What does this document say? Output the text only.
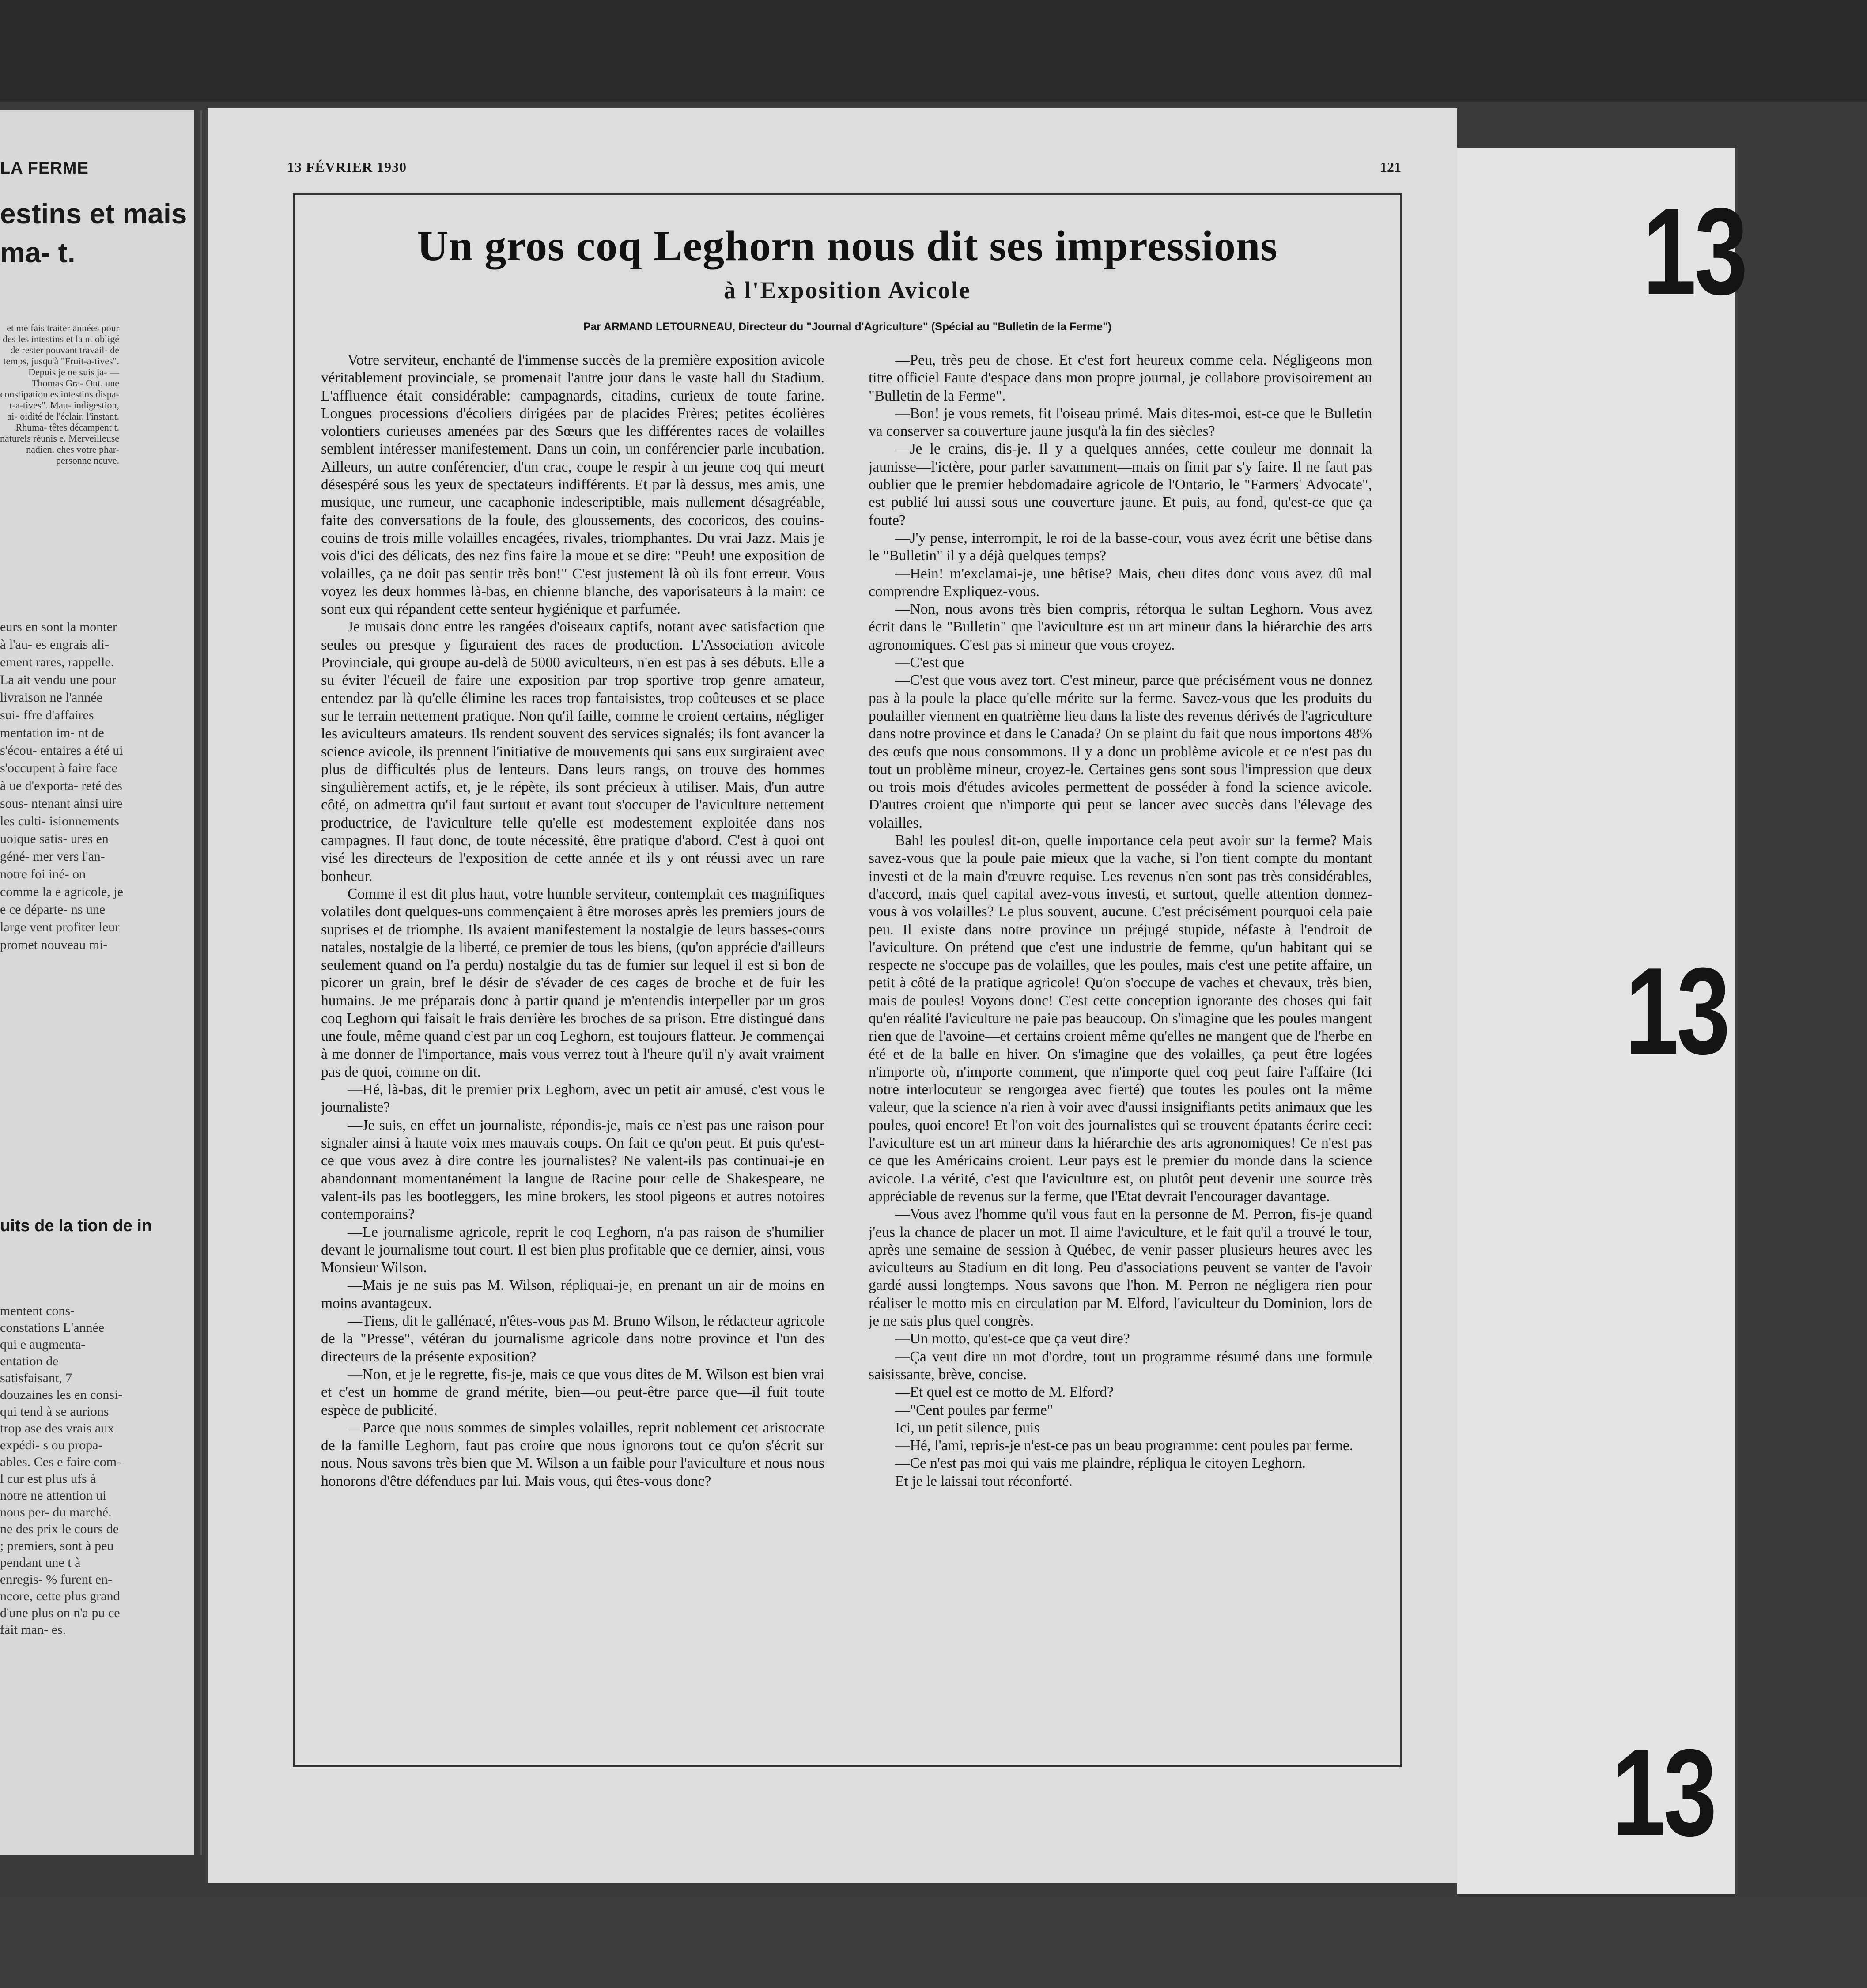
LA FERME
estins et mais ma- t.
et me fais traiter années pour des les intestins et la nt obligé de rester pouvant travail- de temps, jusqu'à "Fruit-a-tives". Depuis je ne suis ja- —Thomas Gra- Ont. une constipation es intestins dispa- t-a-tives". Mau- indigestion, ai- oidité de l'éclair. l'instant. Rhuma- têtes décampent t. naturels réunis e. Merveilleuse nadien. ches votre phar- personne neuve.
eurs en sont la monter à l'au- es engrais ali- ement rares, rappelle. La ait vendu une pour livraison ne l'année sui- ffre d'affaires mentation im- nt de s'écou- entaires a été ui s'occupent à faire face à ue d'exporta- reté des sous- ntenant ainsi uire les culti- isionnements uoique satis- ures en géné- mer vers l'an- notre foi iné- on comme la e agricole, je e ce départe- ns une large vent profiter leur promet nouveau mi-
uits de la tion de in
mentent cons- constations L'année qui e augmenta- entation de satisfaisant, 7 douzaines les en consi- qui tend à se aurions trop ase des vrais aux expédi- s ou propa- ables. Ces e faire com- l cur est plus ufs à notre ne attention ui nous per- du marché. ne des prix le cours de ; premiers, sont à peu pendant une t à enregis- % furent en- ncore, cette plus grand d'une plus on n'a pu ce fait man- es.
13
13
13
13 FÉVRIER 1930	121
Un gros coq Leghorn nous dit ses impressions
à l'Exposition Avicole
Par ARMAND LETOURNEAU, Directeur du "Journal d'Agriculture" (Spécial au "Bulletin de la Ferme")

Votre serviteur, enchanté de l'immense succès de la première exposition avicole véritablement provinciale, se promenait l'autre jour dans le vaste hall du Stadium. L'affluence était considérable: campagnards, citadins, curieux de toute farine. Longues processions d'écoliers dirigées par de placides Frères; petites écolières volontiers curieuses amenées par des Sœurs que les différentes races de volailles semblent intéresser manifestement. Dans un coin, un conférencier parle incubation. Ailleurs, un autre conférencier, d'un crac, coupe le respir à un jeune coq qui meurt désespéré sous les yeux de spectateurs indifférents. Et par là dessus, mes amis, une musique, une rumeur, une cacaphonie indescriptible, mais nullement désagréable, faite des conversations de la foule, des gloussements, des cocoricos, des couins-couins de trois mille volailles encagées, rivales, triomphantes. Du vrai Jazz. Mais je vois d'ici des délicats, des nez fins faire la moue et se dire: "Peuh! une exposition de volailles, ça ne doit pas sentir très bon!" C'est justement là où ils font erreur. Vous voyez les deux hommes là-bas, en chienne blanche, des vaporisateurs à la main: ce sont eux qui répandent cette senteur hygiénique et parfumée.

Je musais donc entre les rangées d'oiseaux captifs, notant avec satisfaction que seules ou presque y figuraient des races de production. L'Association avicole Provinciale, qui groupe au-delà de 5000 aviculteurs, n'en est pas à ses débuts. Elle a su éviter l'écueil de faire une exposition par trop sportive trop genre amateur, entendez par là qu'elle élimine les races trop fantaisistes, trop coûteuses et se place sur le terrain nettement pratique. Non qu'il faille, comme le croient certains, négliger les aviculteurs amateurs. Ils rendent souvent des services signalés; ils font avancer la science avicole, ils prennent l'initiative de mouvements qui sans eux surgiraient avec plus de difficultés plus de lenteurs. Dans leurs rangs, on trouve des hommes singulièrement actifs, et, je le répète, ils sont précieux à utiliser. Mais, d'un autre côté, on admettra qu'il faut surtout et avant tout s'occuper de l'aviculture nettement productrice, de l'aviculture telle qu'elle est modestement exploitée dans nos campagnes. Il faut donc, de toute nécessité, être pratique d'abord. C'est à quoi ont visé les directeurs de l'exposition de cette année et ils y ont réussi avec un rare bonheur.

Comme il est dit plus haut, votre humble serviteur, contemplait ces magnifiques volatiles dont quelques-uns commençaient à être moroses après les premiers jours de suprises et de triomphe. Ils avaient manifestement la nostalgie de leurs basses-cours natales, nostalgie de la liberté, ce premier de tous les biens, (qu'on apprécie d'ailleurs seulement quand on l'a perdu) nostalgie du tas de fumier sur lequel il est si bon de picorer un grain, bref le désir de s'évader de ces cages de broche et de fuir les humains. Je me préparais donc à partir quand je m'entendis interpeller par un gros coq Leghorn qui faisait le frais derrière les broches de sa prison. Etre distingué dans une foule, même quand c'est par un coq Leghorn, est toujours flatteur. Je commençai à me donner de l'importance, mais vous verrez tout à l'heure qu'il n'y avait vraiment pas de quoi, comme on dit.

—Hé, là-bas, dit le premier prix Leghorn, avec un petit air amusé, c'est vous le journaliste?

—Je suis, en effet un journaliste, répondis-je, mais ce n'est pas une raison pour signaler ainsi à haute voix mes mauvais coups. On fait ce qu'on peut. Et puis qu'est-ce que vous avez à dire contre les journalistes? Ne valent-ils pas continuai-je en abandonnant momentanément la langue de Racine pour celle de Shakespeare, ne valent-ils pas les bootleggers, les mine brokers, les stool pigeons et autres notoires contemporains?

—Le journalisme agricole, reprit le coq Leghorn, n'a pas raison de s'humilier devant le journalisme tout court. Il est bien plus profitable que ce dernier, ainsi, vous Monsieur Wilson.

—Mais je ne suis pas M. Wilson, répliquai-je, en prenant un air de moins en moins avantageux.

—Tiens, dit le gallénacé, n'êtes-vous pas M. Bruno Wilson, le rédacteur agricole de la "Presse", vétéran du journalisme agricole dans notre province et l'un des directeurs de la présente exposition?

—Non, et je le regrette, fis-je, mais ce que vous dites de M. Wilson est bien vrai et c'est un homme de grand mérite, bien—ou peut-être parce que—il fuit toute espèce de publicité.

—Parce que nous sommes de simples volailles, reprit noblement cet aristocrate de la famille Leghorn, faut pas croire que nous ignorons tout ce qu'on s'écrit sur nous. Nous savons très bien que M. Wilson a un faible pour l'aviculture et nous nous honorons d'être défendues par lui. Mais vous, qui êtes-vous donc?

—Peu, très peu de chose. Et c'est fort heureux comme cela. Négligeons mon titre officiel Faute d'espace dans mon propre journal, je collabore provisoirement au "Bulletin de la Ferme".

—Bon! je vous remets, fit l'oiseau primé. Mais dites-moi, est-ce que le Bulletin va conserver sa couverture jaune jusqu'à la fin des siècles?

—Je le crains, dis-je. Il y a quelques années, cette couleur me donnait la jaunisse—l'ictère, pour parler savamment—mais on finit par s'y faire. Il ne faut pas oublier que le premier hebdomadaire agricole de l'Ontario, le "Farmers' Advocate", est publié lui aussi sous une couverture jaune. Et puis, au fond, qu'est-ce que ça foute?

—J'y pense, interrompit, le roi de la basse-cour, vous avez écrit une bêtise dans le "Bulletin" il y a déjà quelques temps?

—Hein! m'exclamai-je, une bêtise? Mais, cheu dites donc vous avez dû mal comprendre Expliquez-vous.

—Non, nous avons très bien compris, rétorqua le sultan Leghorn. Vous avez écrit dans le "Bulletin" que l'aviculture est un art mineur dans la hiérarchie des arts agronomiques. C'est pas si mineur que vous croyez.

—C'est que

—C'est que vous avez tort. C'est mineur, parce que précisément vous ne donnez pas à la poule la place qu'elle mérite sur la ferme. Savez-vous que les produits du poulailler viennent en quatrième lieu dans la liste des revenus dérivés de l'agriculture dans notre province et dans le Canada? On se plaint du fait que nous importons 48% des œufs que nous consommons. Il y a donc un problème avicole et ce n'est pas du tout un problème mineur, croyez-le. Certaines gens sont sous l'impression que deux ou trois mois d'études avicoles permettent de posséder à fond la science avicole. D'autres croient que n'importe qui peut se lancer avec succès dans l'élevage des volailles.

Bah! les poules! dit-on, quelle importance cela peut avoir sur la ferme? Mais savez-vous que la poule paie mieux que la vache, si l'on tient compte du montant investi et de la main d'œuvre requise. Les revenus n'en sont pas très considérables, d'accord, mais quel capital avez-vous investi, et surtout, quelle attention donnez-vous à vos volailles? Le plus souvent, aucune. C'est précisément pourquoi cela paie peu. Il existe dans notre province un préjugé stupide, néfaste à l'endroit de l'aviculture. On prétend que c'est une industrie de femme, qu'un habitant qui se respecte ne s'occupe pas de volailles, que les poules, mais c'est une petite affaire, un petit à côté de la pratique agricole! Qu'on s'occupe de vaches et chevaux, très bien, mais de poules! Voyons donc! C'est cette conception ignorante des choses qui fait qu'en réalité l'aviculture ne paie pas beaucoup. On s'imagine que les poules mangent rien que de l'avoine—et certains croient même qu'elles ne mangent que de l'herbe en été et de la balle en hiver. On s'imagine que des volailles, ça peut être logées n'importe où, n'importe comment, que n'importe quel coq peut faire l'affaire (Ici notre interlocuteur se rengorgea avec fierté) que toutes les poules ont la même valeur, que la science n'a rien à voir avec d'aussi insignifiants petits animaux que les poules, quoi encore! Et l'on voit des journalistes qui se trouvent épatants écrire ceci: l'aviculture est un art mineur dans la hiérarchie des arts agronomiques! Ce n'est pas ce que les Américains croient. Leur pays est le premier du monde dans la science avicole. La vérité, c'est que l'aviculture est, ou plutôt peut devenir une source très appréciable de revenus sur la ferme, que l'Etat devrait l'encourager davantage.

—Vous avez l'homme qu'il vous faut en la personne de M. Perron, fis-je quand j'eus la chance de placer un mot. Il aime l'aviculture, et le fait qu'il a trouvé le tour, après une semaine de session à Québec, de venir passer plusieurs heures avec les aviculteurs au Stadium en dit long. Peu d'associations peuvent se vanter de l'avoir gardé aussi longtemps. Nous savons que l'hon. M. Perron ne négligera rien pour réaliser le motto mis en circulation par M. Elford, l'aviculteur du Dominion, lors de je ne sais plus quel congrès.

—Un motto, qu'est-ce que ça veut dire?

—Ça veut dire un mot d'ordre, tout un programme résumé dans une formule saisissante, brève, concise.

—Et quel est ce motto de M. Elford?

—"Cent poules par ferme"

Ici, un petit silence, puis

—Hé, l'ami, repris-je n'est-ce pas un beau programme: cent poules par ferme.

—Ce n'est pas moi qui vais me plaindre, répliqua le citoyen Leghorn.

Et je le laissai tout réconforté.
